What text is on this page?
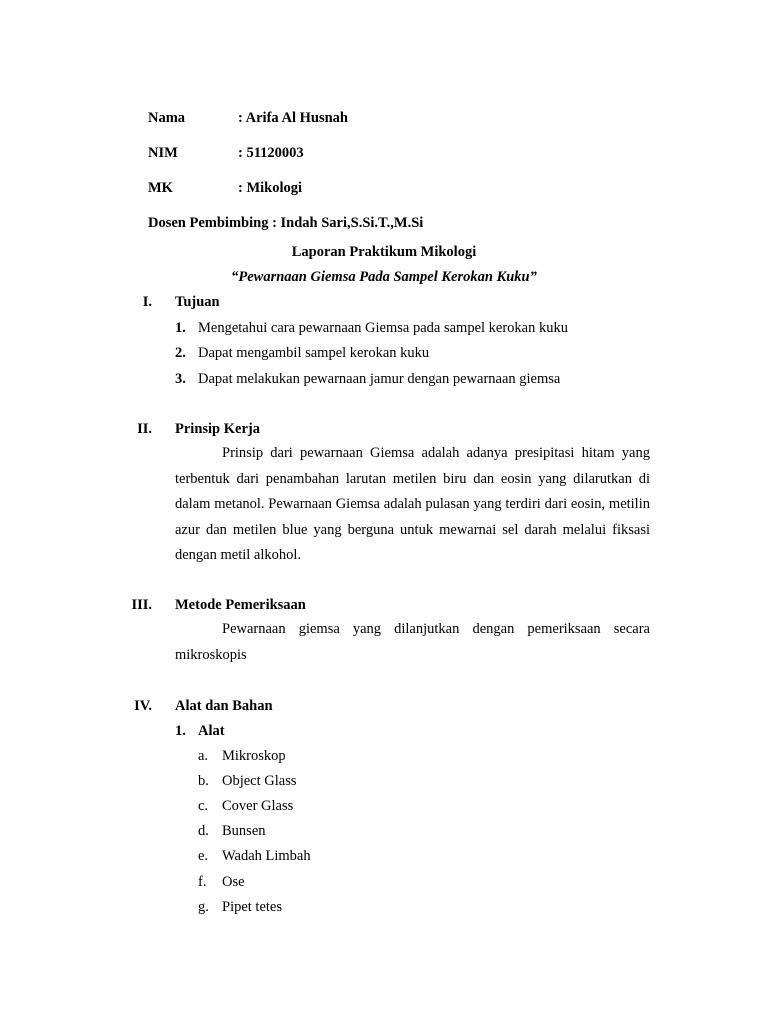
Nama	: Arifa Al Husnah
NIM	: 51120003
MK	: Mikologi
Dosen Pembimbing : Indah Sari,S.Si.T.,M.Si
Laporan Praktikum Mikologi
“Pewarnaan Giemsa Pada Sampel Kerokan Kuku”
I. Tujuan
1. Mengetahui cara pewarnaan Giemsa pada sampel kerokan kuku
2. Dapat mengambil sampel kerokan kuku
3. Dapat melakukan pewarnaan jamur dengan pewarnaan giemsa
II. Prinsip Kerja

Prinsip dari pewarnaan Giemsa adalah adanya presipitasi hitam yang terbentuk dari penambahan larutan metilen biru dan eosin yang dilarutkan di dalam metanol. Pewarnaan Giemsa adalah pulasan yang terdiri dari eosin, metilin azur dan metilen blue yang berguna untuk mewarnai sel darah melalui fiksasi dengan metil alkohol.

III. Metode Pemeriksaan

Pewarnaan giemsa yang dilanjutkan dengan pemeriksaan secara mikroskopis

IV. Alat dan Bahan
1. Alat
a. Mikroskop
b. Object Glass
c. Cover Glass
d. Bunsen
e. Wadah Limbah
f. Ose
g. Pipet tetes
